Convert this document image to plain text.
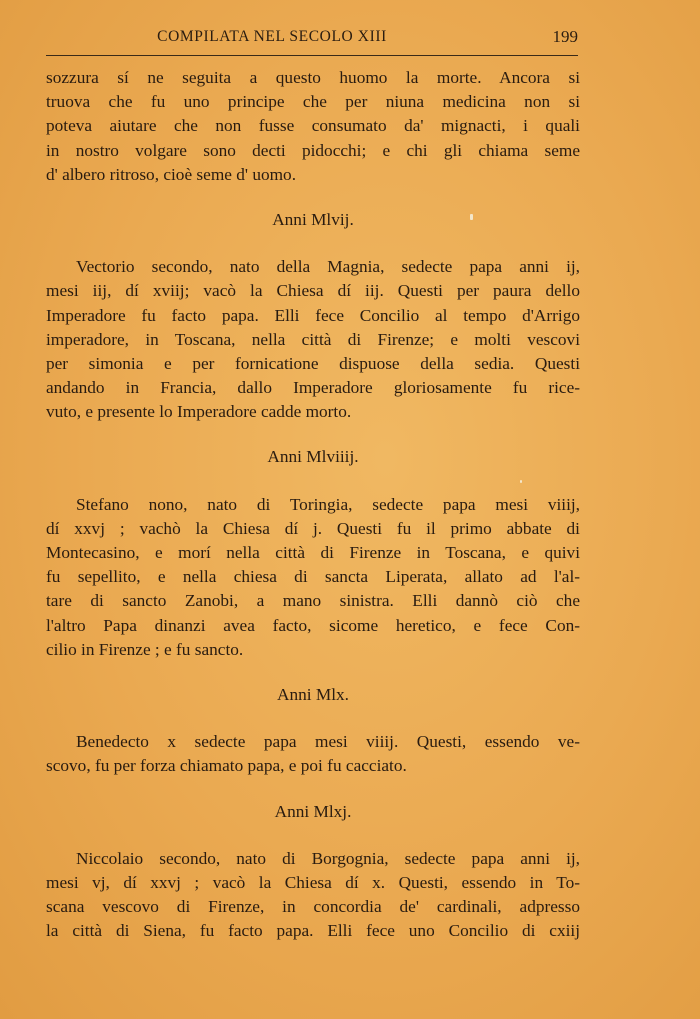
COMPILATA NEL SECOLO XIII	199
sozzura sí ne seguita a questo huomo la morte. Ancora si
truova che fu uno principe che per niuna medicina non si
poteva aiutare che non fusse consumato da' mignacti, i quali
in nostro volgare sono decti pidocchi; e chi gli chiama seme
d' albero ritroso, cioè seme d' uomo.
Anni Mlvij.
Vectorio secondo, nato della Magnia, sedecte papa anni ij,
mesi iij, dí xviij; vacò la Chiesa dí iij. Questi per paura dello
Imperadore fu facto papa. Elli fece Concilio al tempo d'Arrigo
imperadore, in Toscana, nella città di Firenze; e molti vescovi
per simonia e per fornicatione dispuose della sedia. Questi
andando in Francia, dallo Imperadore gloriosamente fu rice-
vuto, e presente lo Imperadore cadde morto.
Anni Mlviiij.
Stefano nono, nato di Toringia, sedecte papa mesi viiij,
dí xxvj ; vachò la Chiesa dí j. Questi fu il primo abbate di
Montecasino, e morí nella città di Firenze in Toscana, e quivi
fu sepellito, e nella chiesa di sancta Liperata, allato ad l'al-
tare di sancto Zanobi, a mano sinistra. Elli dannò ciò che
l'altro Papa dinanzi avea facto, sicome heretico, e fece Con-
cilio in Firenze ; e fu sancto.
Anni Mlx.
Benedecto x sedecte papa mesi viiij. Questi, essendo ve-
scovo, fu per forza chiamato papa, e poi fu cacciato.
Anni Mlxj.
Niccolaio secondo, nato di Borgognia, sedecte papa anni ij,
mesi vj, dí xxvj ; vacò la Chiesa dí x. Questi, essendo in To-
scana vescovo di Firenze, in concordia de' cardinali, adpresso
la città di Siena, fu facto papa. Elli fece uno Concilio di cxiij
